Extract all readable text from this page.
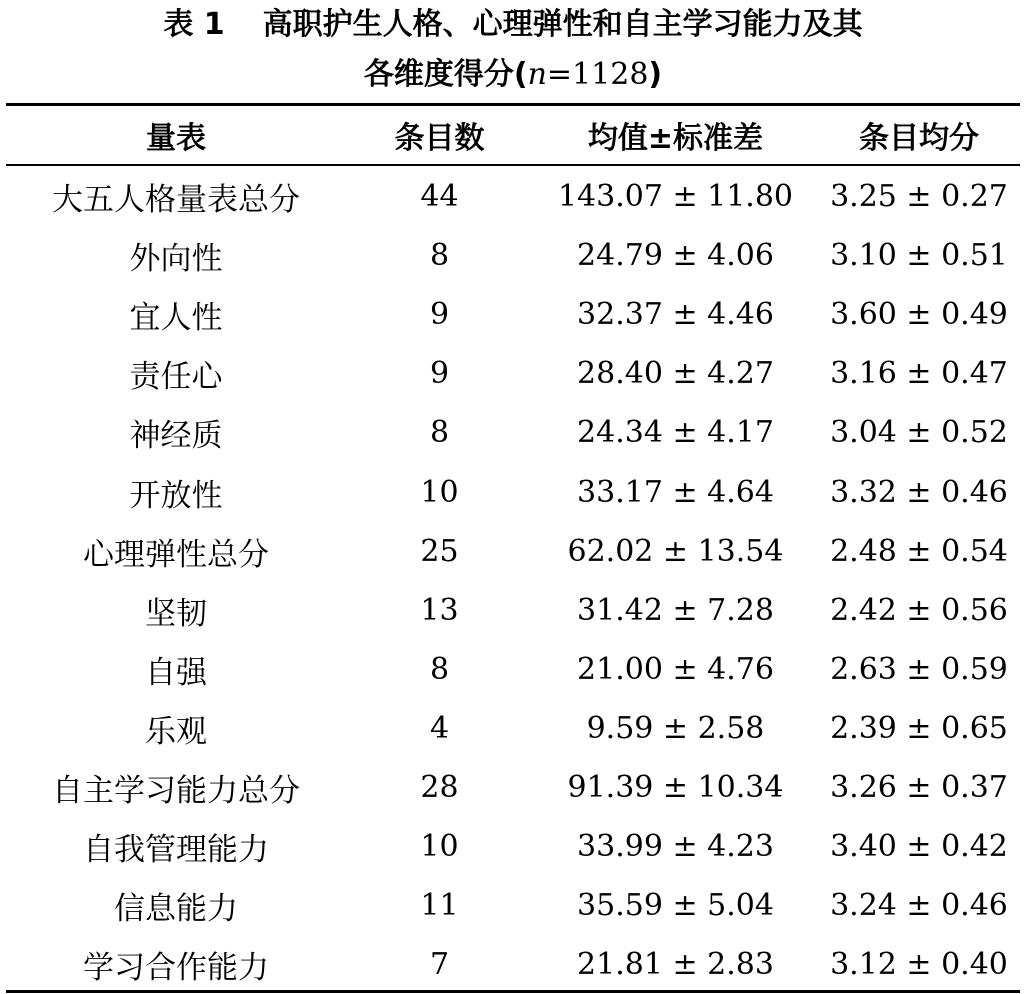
表 1 高职护生人格、心理弹性和自主学习能力及其
各维度得分(n=1128)
量表	条目数	均值±标准差	条目均分
大五人格量表总分	44	143.07 ± 11.80	3.25 ± 0.27
外向性	8	24.79 ± 4.06	3.10 ± 0.51
宜人性	9	32.37 ± 4.46	3.60 ± 0.49
责任心	9	28.40 ± 4.27	3.16 ± 0.47
神经质	8	24.34 ± 4.17	3.04 ± 0.52
开放性	10	33.17 ± 4.64	3.32 ± 0.46
心理弹性总分	25	62.02 ± 13.54	2.48 ± 0.54
坚韧	13	31.42 ± 7.28	2.42 ± 0.56
自强	8	21.00 ± 4.76	2.63 ± 0.59
乐观	4	9.59 ± 2.58	2.39 ± 0.65
自主学习能力总分	28	91.39 ± 10.34	3.26 ± 0.37
自我管理能力	10	33.99 ± 4.23	3.40 ± 0.42
信息能力	11	35.59 ± 5.04	3.24 ± 0.46
学习合作能力	7	21.81 ± 2.83	3.12 ± 0.40
